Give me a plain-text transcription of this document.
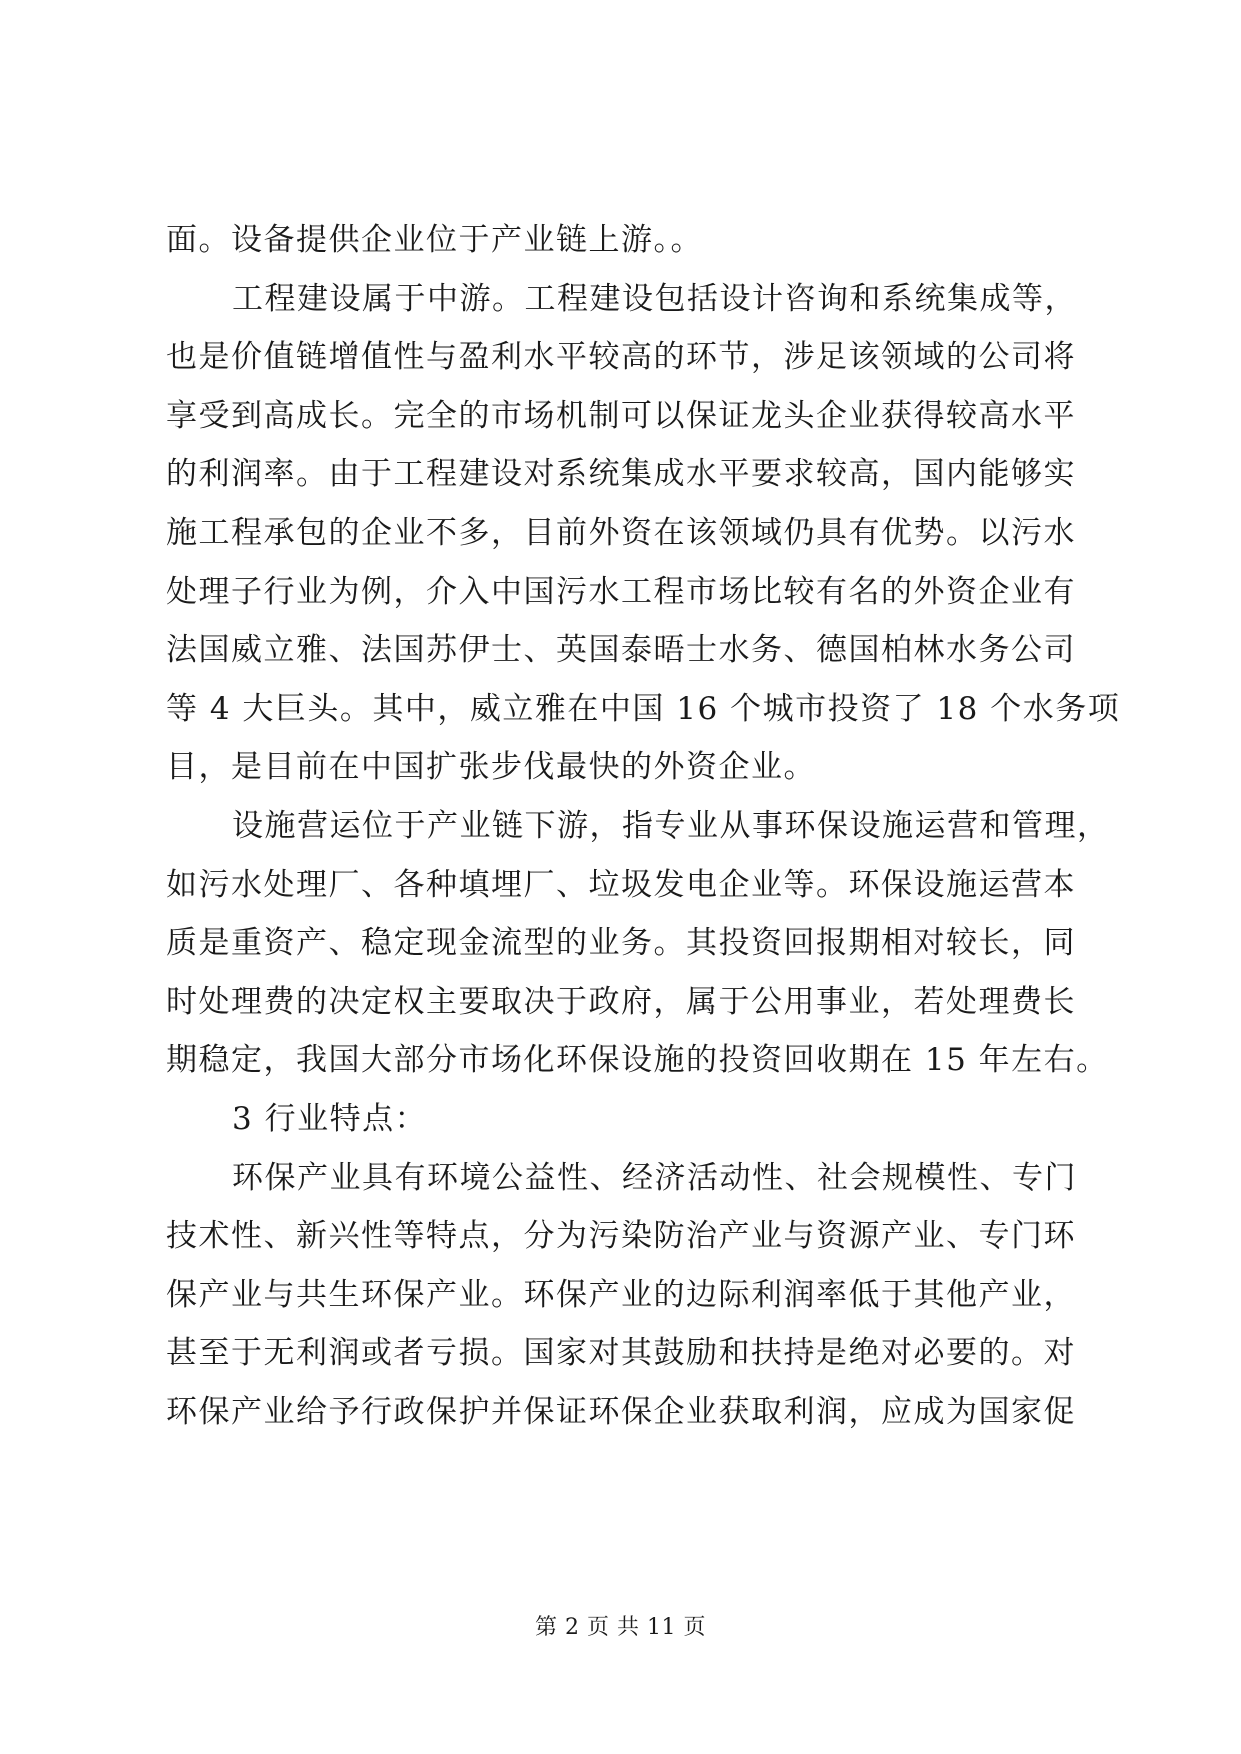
面。设备提供企业位于产业链上游。。
工程建设属于中游。工程建设包括设计咨询和系统集成等，
也是价值链增值性与盈利水平较高的环节，涉足该领域的公司将
享受到高成长。完全的市场机制可以保证龙头企业获得较高水平
的利润率。由于工程建设对系统集成水平要求较高，国内能够实
施工程承包的企业不多，目前外资在该领域仍具有优势。以污水
处理子行业为例，介入中国污水工程市场比较有名的外资企业有
法国威立雅、法国苏伊士、英国泰晤士水务、德国柏林水务公司
等 4 大巨头。其中，威立雅在中国 16 个城市投资了 18 个水务项
目，是目前在中国扩张步伐最快的外资企业。
设施营运位于产业链下游，指专业从事环保设施运营和管理，
如污水处理厂、各种填埋厂、垃圾发电企业等。环保设施运营本
质是重资产、稳定现金流型的业务。其投资回报期相对较长，同
时处理费的决定权主要取决于政府，属于公用事业，若处理费长
期稳定，我国大部分市场化环保设施的投资回收期在 15 年左右。
3 行业特点：
环保产业具有环境公益性、经济活动性、社会规模性、专门
技术性、新兴性等特点，分为污染防治产业与资源产业、专门环
保产业与共生环保产业。环保产业的边际利润率低于其他产业，
甚至于无利润或者亏损。国家对其鼓励和扶持是绝对必要的。对
环保产业给予行政保护并保证环保企业获取利润，应成为国家促
第 2 页 共 11 页
